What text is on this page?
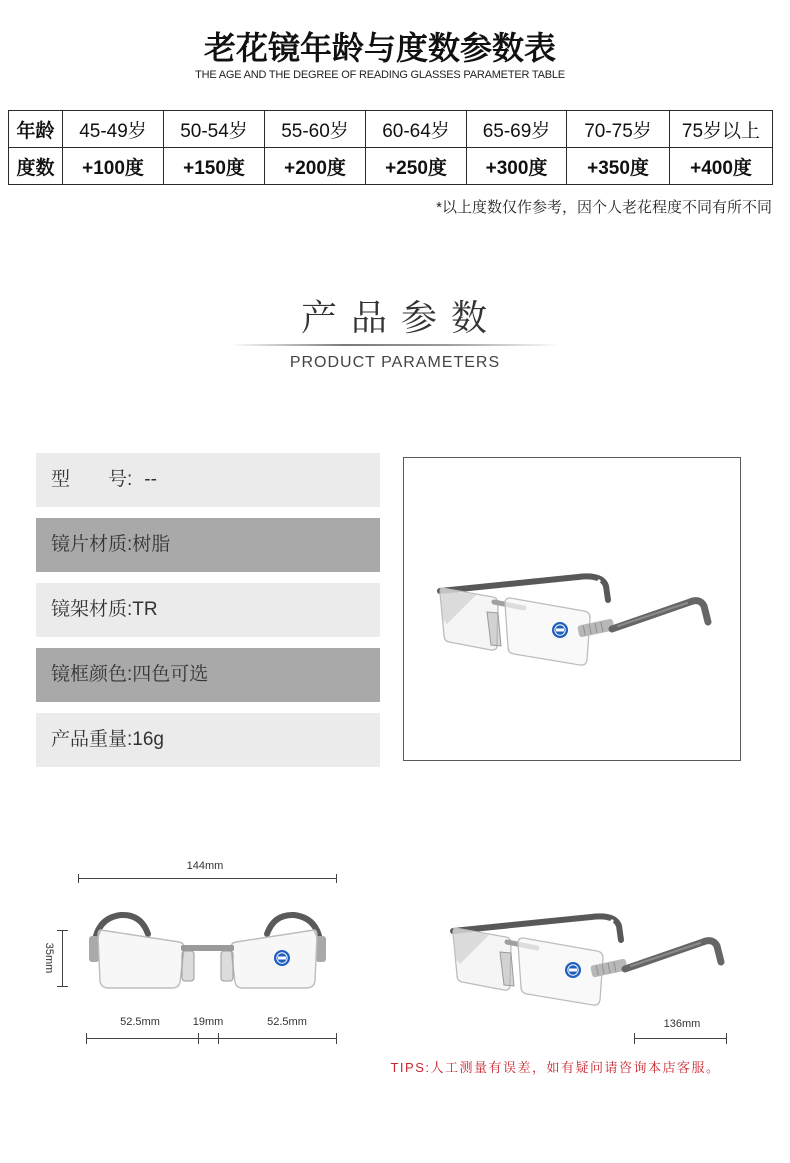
老花镜年龄与度数参数表
THE AGE AND THE DEGREE OF READING GLASSES PARAMETER TABLE
年龄	45-49岁	50-54岁	55-60岁	60-64岁	65-69岁	70-75岁	75岁以上
度数	+100度	+150度	+200度	+250度	+300度	+350度	+400度
*以上度数仅作参考，因个人老花程度不同有所不同
产 品 参 数
PRODUCT PARAMETERS
型　　号: --
镜片材质:树脂
镜架材质:TR
镜框颜色:四色可选
产品重量:16g
144mm
35mm
52.5mm	19mm	52.5mm	136mm
TIPS:人工测量有误差，如有疑问请咨询本店客服。
